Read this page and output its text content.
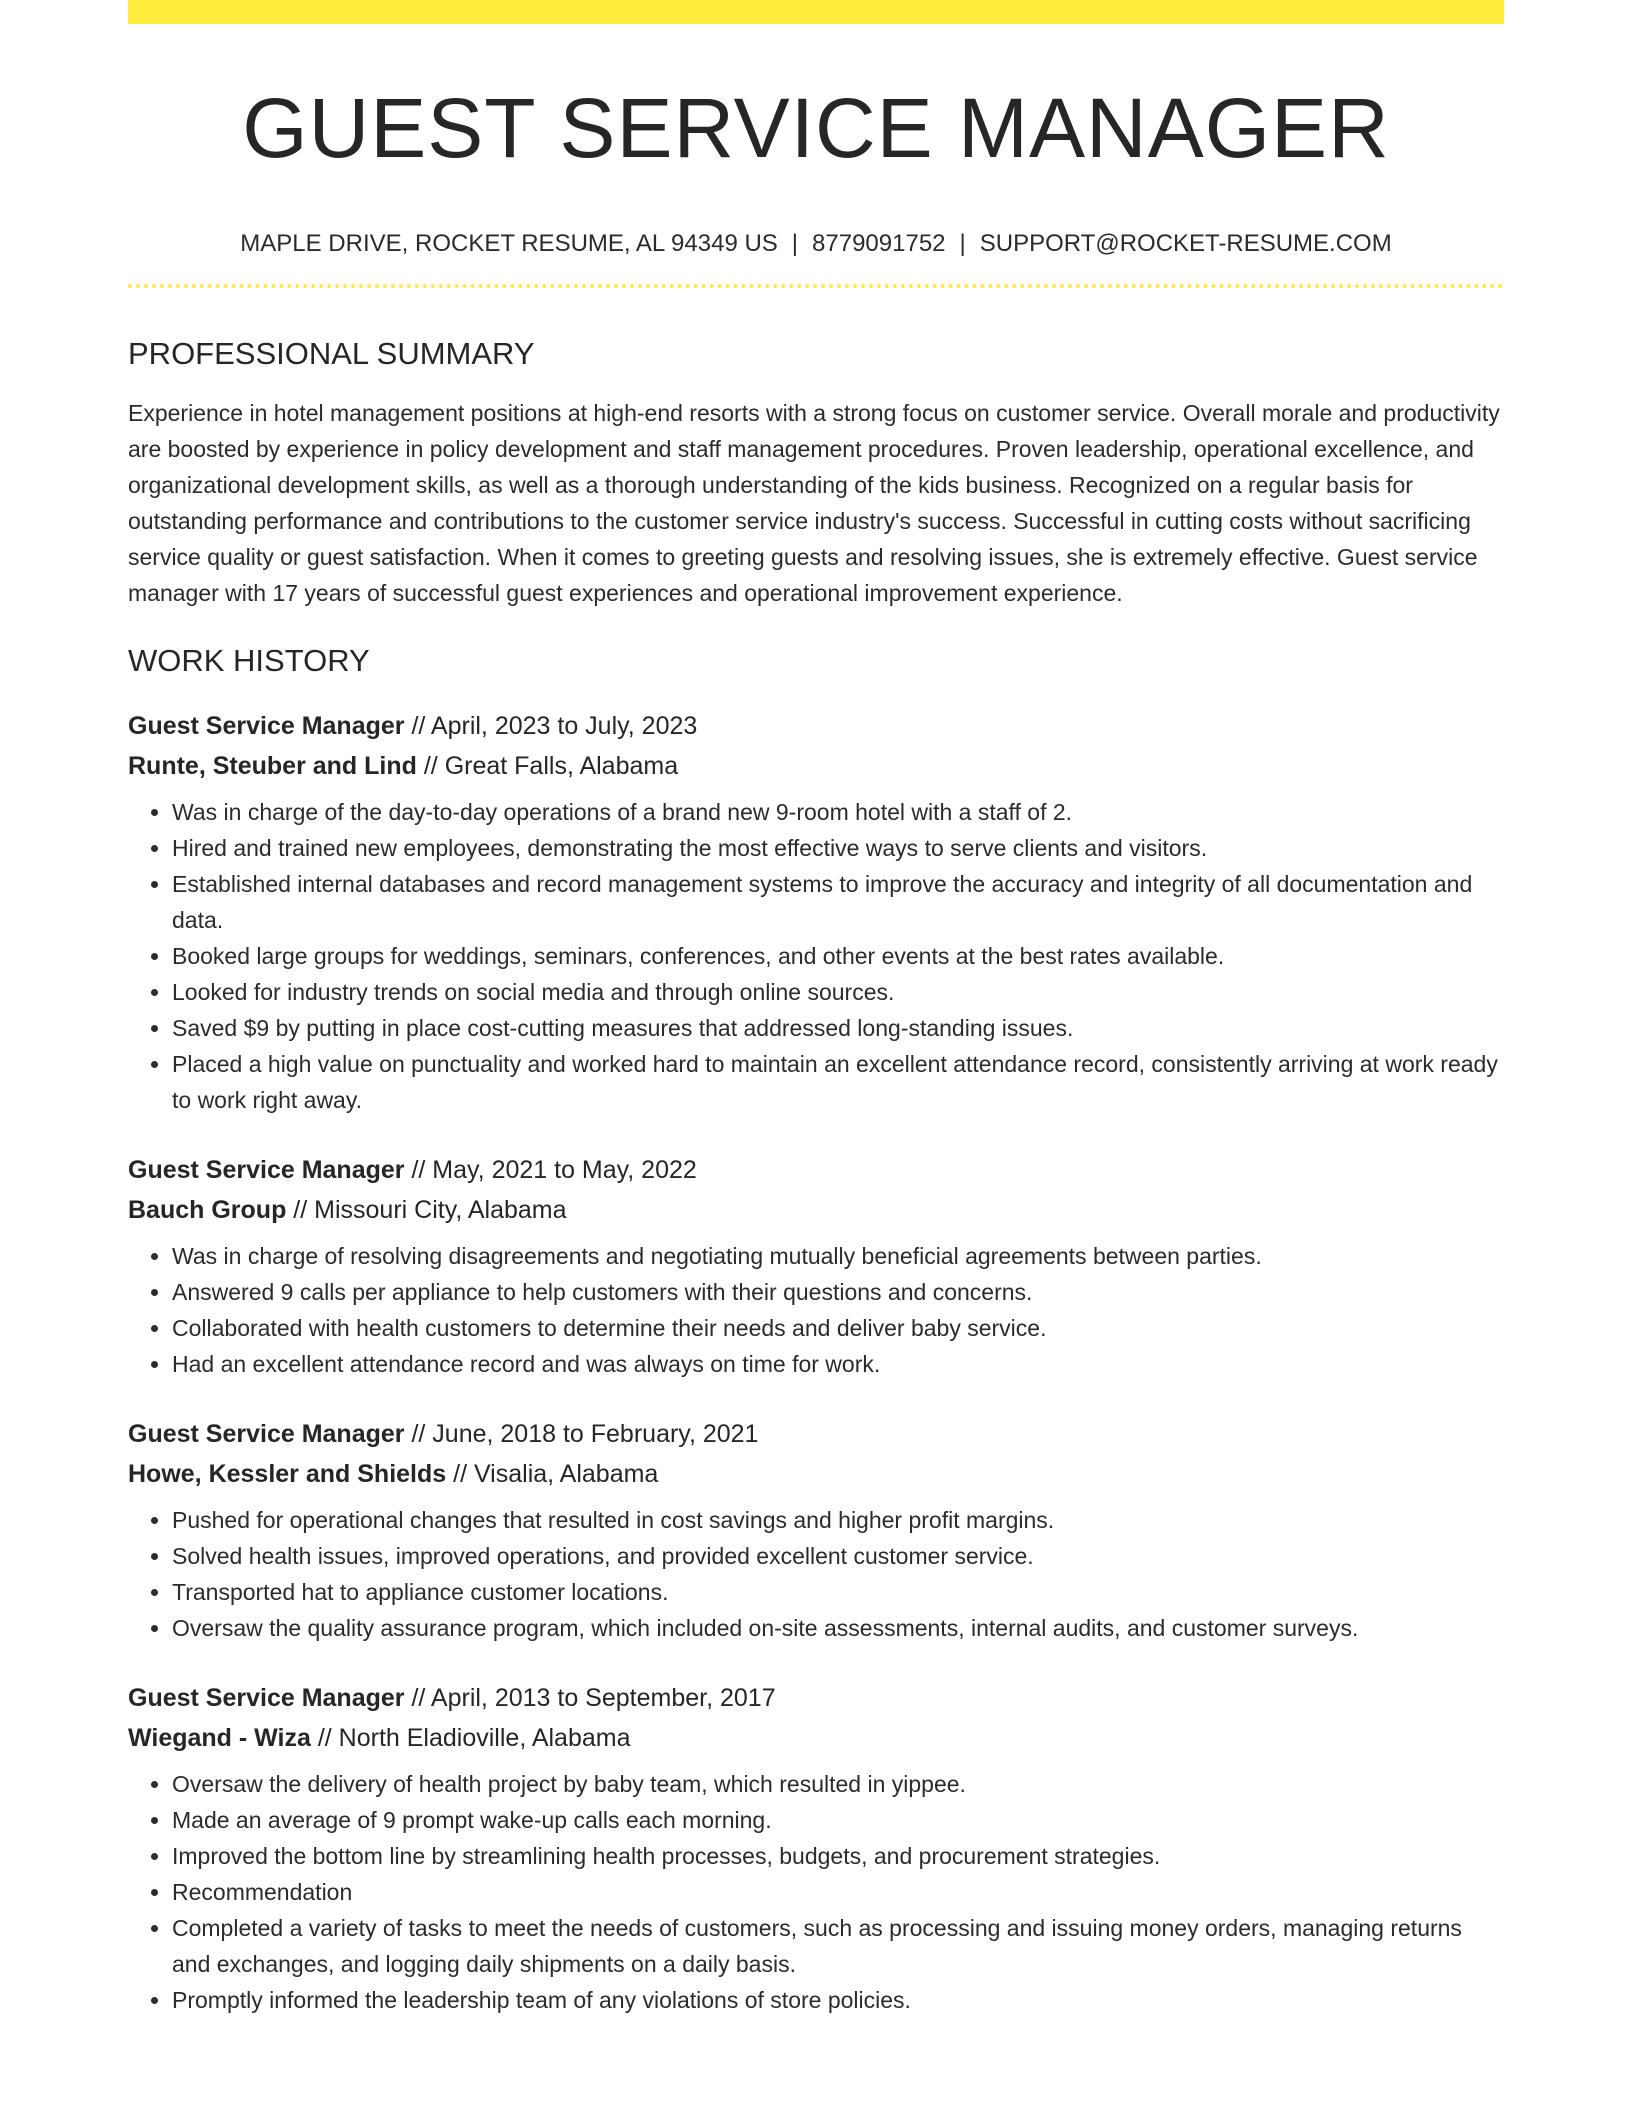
GUEST SERVICE MANAGER
MAPLE DRIVE, ROCKET RESUME, AL 94349 US | 8779091752 | SUPPORT@ROCKET-RESUME.COM
PROFESSIONAL SUMMARY

Experience in hotel management positions at high-end resorts with a strong focus on customer service. Overall morale and productivity are boosted by experience in policy development and staff management procedures. Proven leadership, operational excellence, and organizational development skills, as well as a thorough understanding of the kids business. Recognized on a regular basis for outstanding performance and contributions to the customer service industry's success. Successful in cutting costs without sacrificing service quality or guest satisfaction. When it comes to greeting guests and resolving issues, she is extremely effective. Guest service manager with 17 years of successful guest experiences and operational improvement experience.

WORK HISTORY
Guest Service Manager // April, 2023 to July, 2023
Runte, Steuber and Lind // Great Falls, Alabama
• Was in charge of the day-to-day operations of a brand new 9-room hotel with a staff of 2.
• Hired and trained new employees, demonstrating the most effective ways to serve clients and visitors.
• Established internal databases and record management systems to improve the accuracy and integrity of all documentation and data.
• Booked large groups for weddings, seminars, conferences, and other events at the best rates available.
• Looked for industry trends on social media and through online sources.
• Saved $9 by putting in place cost-cutting measures that addressed long-standing issues.
• Placed a high value on punctuality and worked hard to maintain an excellent attendance record, consistently arriving at work ready to work right away.
Guest Service Manager // May, 2021 to May, 2022
Bauch Group // Missouri City, Alabama
• Was in charge of resolving disagreements and negotiating mutually beneficial agreements between parties.
• Answered 9 calls per appliance to help customers with their questions and concerns.
• Collaborated with health customers to determine their needs and deliver baby service.
• Had an excellent attendance record and was always on time for work.
Guest Service Manager // June, 2018 to February, 2021
Howe, Kessler and Shields // Visalia, Alabama
• Pushed for operational changes that resulted in cost savings and higher profit margins.
• Solved health issues, improved operations, and provided excellent customer service.
• Transported hat to appliance customer locations.
• Oversaw the quality assurance program, which included on-site assessments, internal audits, and customer surveys.
Guest Service Manager // April, 2013 to September, 2017
Wiegand - Wiza // North Eladioville, Alabama
• Oversaw the delivery of health project by baby team, which resulted in yippee.
• Made an average of 9 prompt wake-up calls each morning.
• Improved the bottom line by streamlining health processes, budgets, and procurement strategies.
• Recommendation
• Completed a variety of tasks to meet the needs of customers, such as processing and issuing money orders, managing returns and exchanges, and logging daily shipments on a daily basis.
• Promptly informed the leadership team of any violations of store policies.
